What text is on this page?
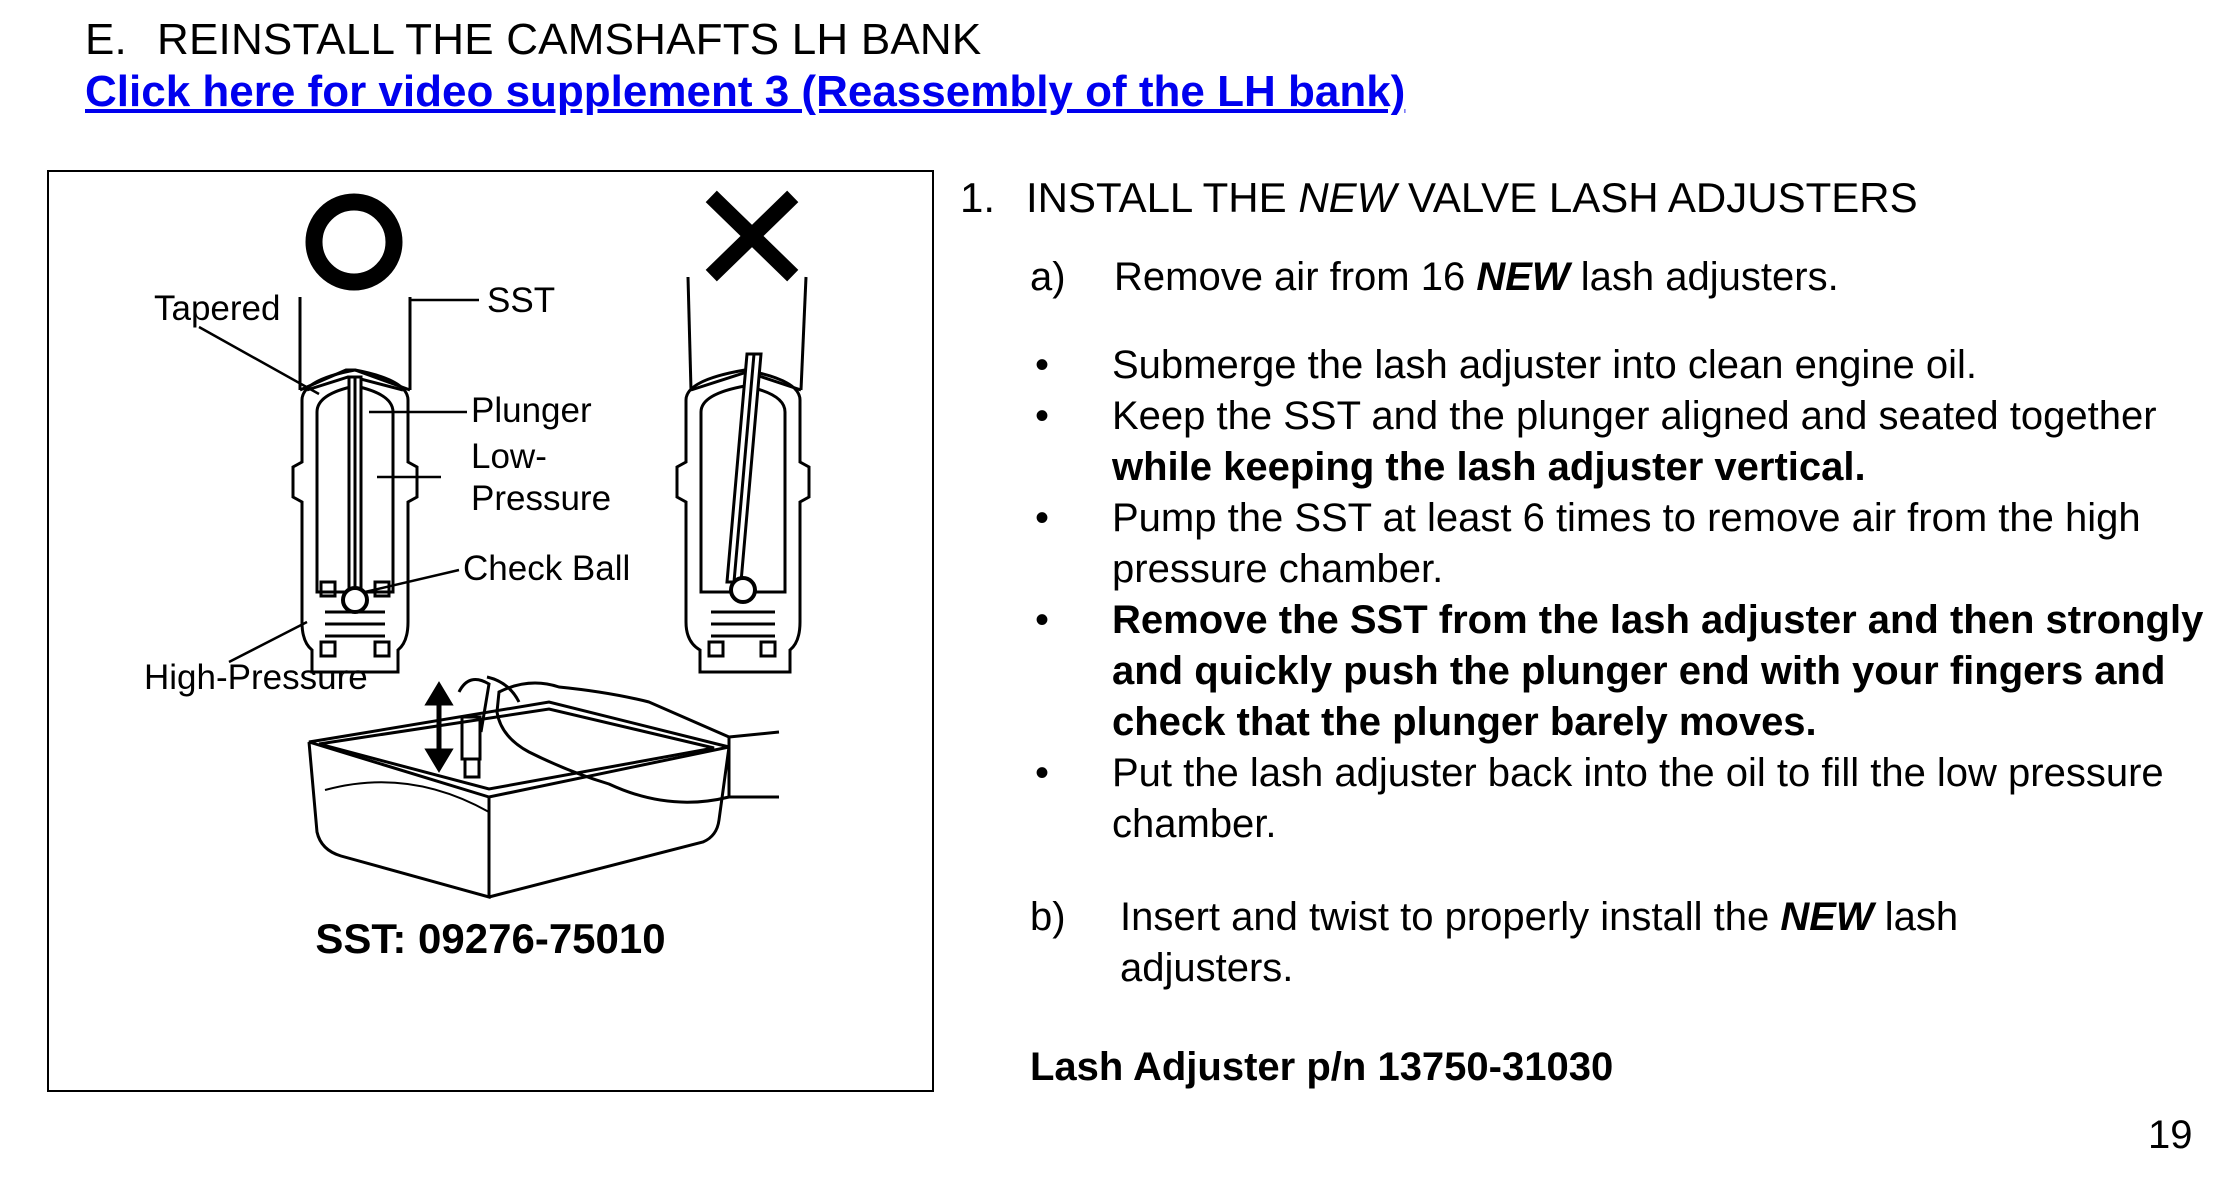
E. REINSTALL THE CAMSHAFTS LH BANK
Click here for video supplement 3 (Reassembly of the LH bank)
Tapered	SST
Plunger
Low-
Pressure
Check Ball
High-Pressure
SST: 09276-75010
1. INSTALL THE NEW VALVE LASH ADJUSTERS
a) Remove air from 16 NEW lash adjusters.
• Submerge the lash adjuster into clean engine oil.
• Keep the SST and the plunger aligned and seated together while keeping the lash adjuster vertical.
• Pump the SST at least 6 times to remove air from the high pressure chamber.
• Remove the SST from the lash adjuster and then strongly and quickly push the plunger end with your fingers and check that the plunger barely moves.
• Put the lash adjuster back into the oil to fill the low pressure chamber.
b)	Insert and twist to properly install the NEW lash adjusters.
Lash Adjuster p/n 13750-31030
19
